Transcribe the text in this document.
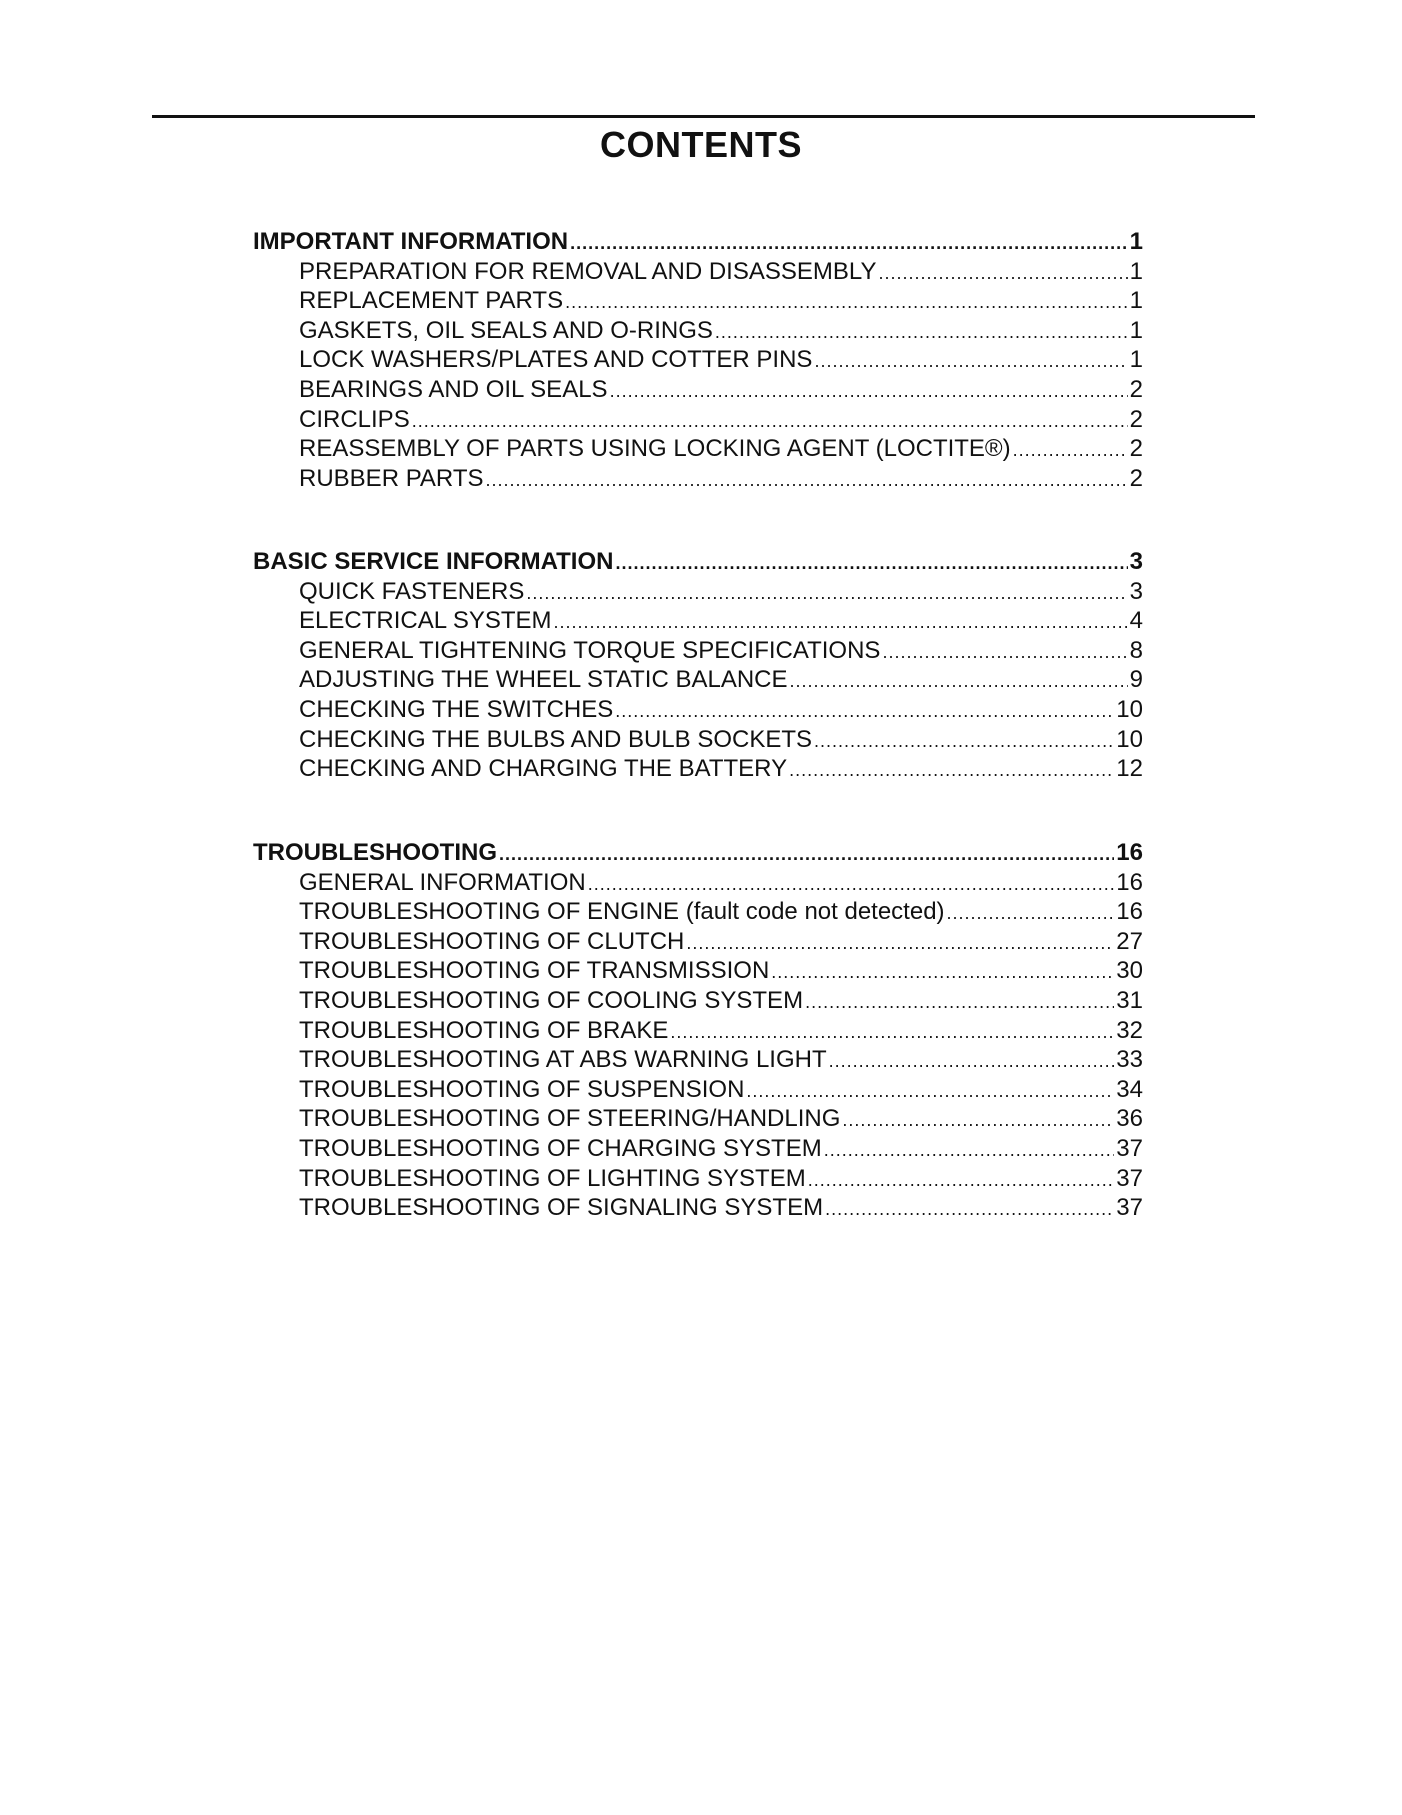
CONTENTS
IMPORTANT INFORMATION .....	1
PREPARATION FOR REMOVAL AND DISASSEMBLY .....	1
REPLACEMENT PARTS .....	1
GASKETS, OIL SEALS AND O-RINGS .....	1
LOCK WASHERS/PLATES AND COTTER PINS .....	1
BEARINGS AND OIL SEALS .....	2
CIRCLIPS .....	2
REASSEMBLY OF PARTS USING LOCKING AGENT (LOCTITE®) .....	2
RUBBER PARTS .....	2
BASIC SERVICE INFORMATION .....	3
QUICK FASTENERS .....	3
ELECTRICAL SYSTEM .....	4
GENERAL TIGHTENING TORQUE SPECIFICATIONS .....	8
ADJUSTING THE WHEEL STATIC BALANCE .....	9
CHECKING THE SWITCHES .....	10
CHECKING THE BULBS AND BULB SOCKETS .....	10
CHECKING AND CHARGING THE BATTERY .....	12
TROUBLESHOOTING .....	16
GENERAL INFORMATION .....	16
TROUBLESHOOTING OF ENGINE (fault code not detected) .....	16
TROUBLESHOOTING OF CLUTCH .....	27
TROUBLESHOOTING OF TRANSMISSION .....	30
TROUBLESHOOTING OF COOLING SYSTEM .....	31
TROUBLESHOOTING OF BRAKE .....	32
TROUBLESHOOTING AT ABS WARNING LIGHT .....	33
TROUBLESHOOTING OF SUSPENSION .....	34
TROUBLESHOOTING OF STEERING/HANDLING .....	36
TROUBLESHOOTING OF CHARGING SYSTEM .....	37
TROUBLESHOOTING OF LIGHTING SYSTEM .....	37
TROUBLESHOOTING OF SIGNALING SYSTEM .....	37
